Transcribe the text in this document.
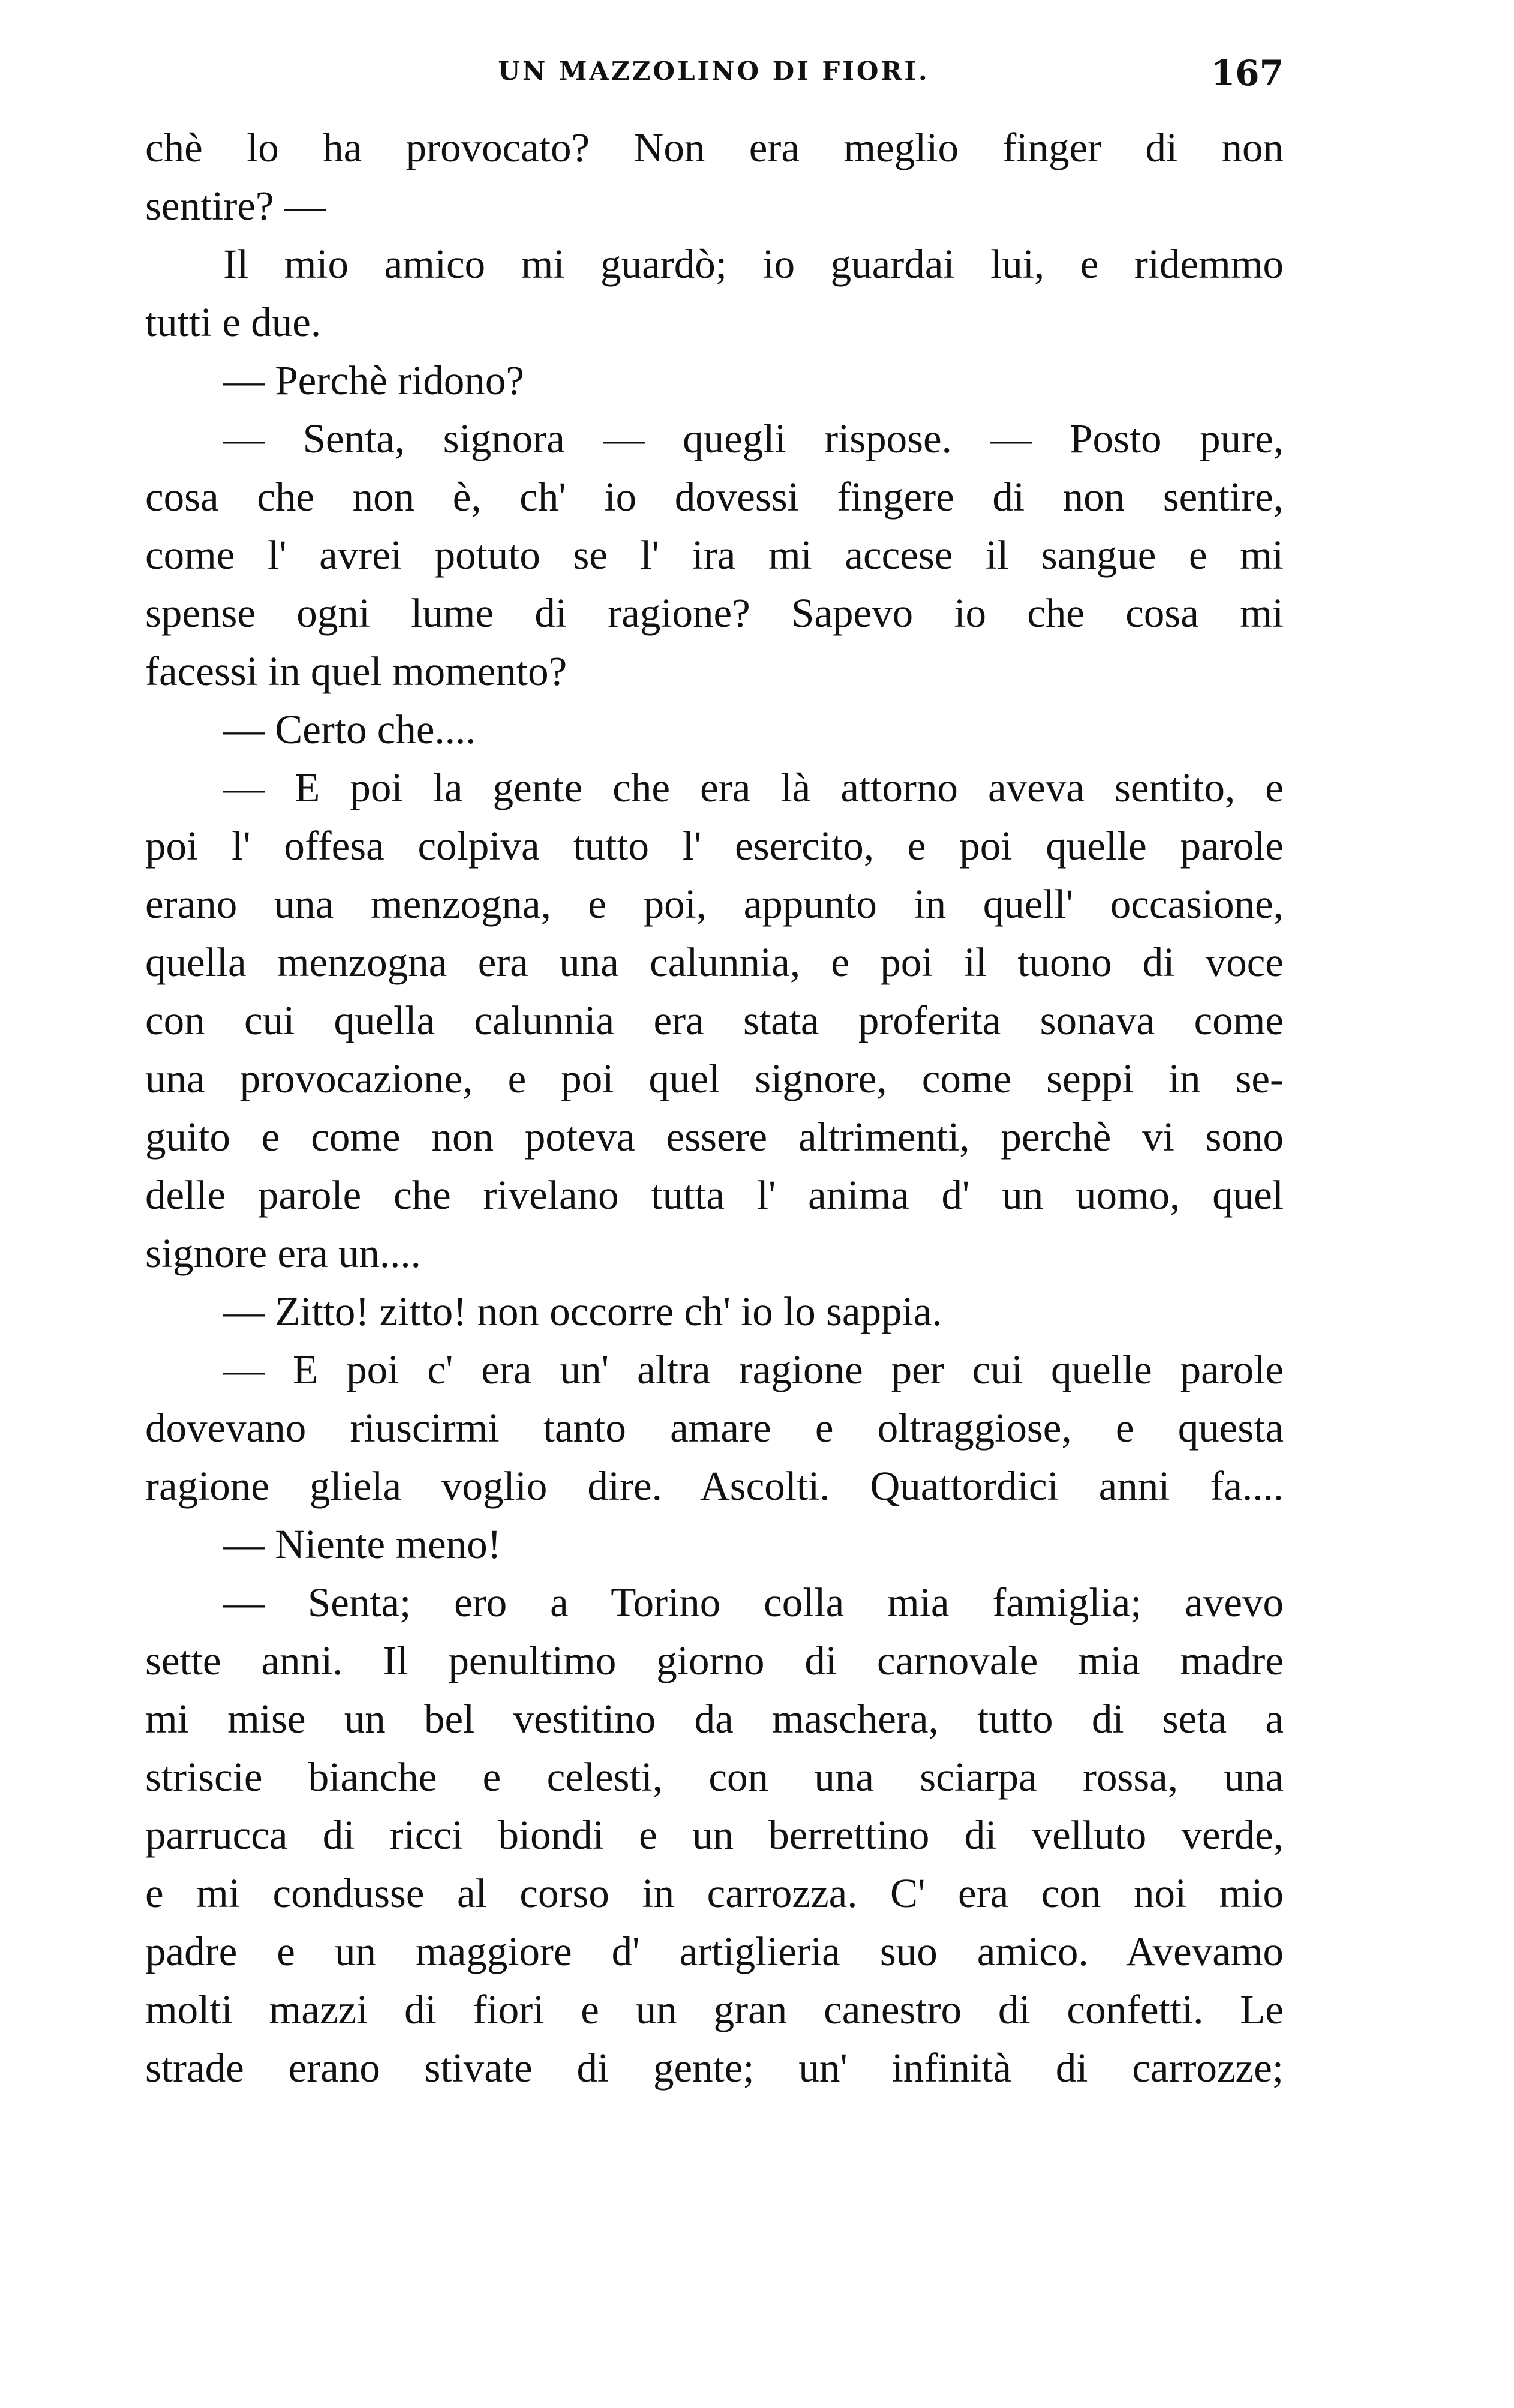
UN MAZZOLINO DI FIORI.	167
chè lo ha provocato? Non era meglio finger di non
sentire? —
Il mio amico mi guardò; io guardai lui, e ridemmo
tutti e due.
— Perchè ridono?
— Senta, signora — quegli rispose. — Posto pure,
cosa che non è, ch' io dovessi fingere di non sentire,
come l' avrei potuto se l' ira mi accese il sangue e mi
spense ogni lume di ragione? Sapevo io che cosa mi
facessi in quel momento?
— Certo che....
— E poi la gente che era là attorno aveva sentito, e
poi l' offesa colpiva tutto l' esercito, e poi quelle parole
erano una menzogna, e poi, appunto in quell' occasione,
quella menzogna era una calunnia, e poi il tuono di voce
con cui quella calunnia era stata proferita sonava come
una provocazione, e poi quel signore, come seppi in se-
guito e come non poteva essere altrimenti, perchè vi sono
delle parole che rivelano tutta l' anima d' un uomo, quel
signore era un....
— Zitto! zitto! non occorre ch' io lo sappia.
— E poi c' era un' altra ragione per cui quelle parole
dovevano riuscirmi tanto amare e oltraggiose, e questa
ragione gliela voglio dire. Ascolti. Quattordici anni fa....
— Niente meno!
— Senta; ero a Torino colla mia famiglia; avevo
sette anni. Il penultimo giorno di carnovale mia madre
mi mise un bel vestitino da maschera, tutto di seta a
striscie bianche e celesti, con una sciarpa rossa, una
parrucca di ricci biondi e un berrettino di velluto verde,
e mi condusse al corso in carrozza. C' era con noi mio
padre e un maggiore d' artiglieria suo amico. Avevamo
molti mazzi di fiori e un gran canestro di confetti. Le
strade erano stivate di gente; un' infinità di carrozze;
